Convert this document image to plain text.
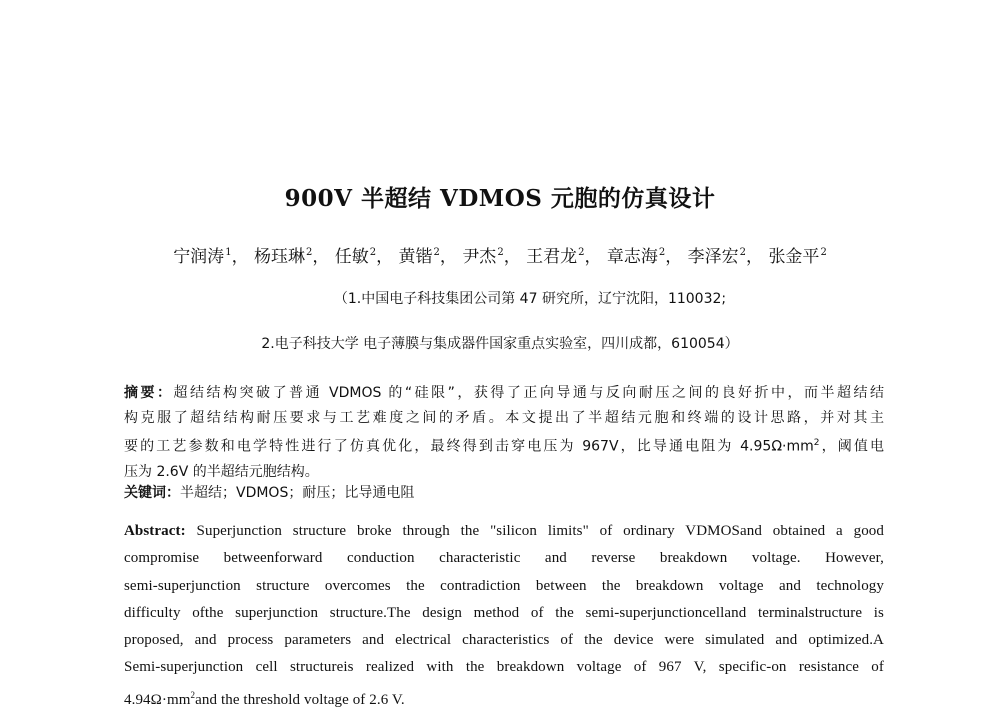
900V 半超结 VDMOS 元胞的仿真设计
宁润涛$^1$， 杨珏琳$^2$， 任敏$^2$， 黄锴$^2$， 尹杰$^2$， 王君龙$^2$， 章志海$^2$， 李泽宏$^2$， 张金平$^2$
（1.中国电子科技集团公司第 47 研究所，辽宁沈阳，110032;
2.电子科技大学 电子薄膜与集成器件国家重点实验室，四川成都，610054）
摘要：超结结构突破了普通 VDMOS 的“硅限”，获得了正向导通与反向耐压之间的良好折中，而半超结结
构克服了超结结构耐压要求与工艺难度之间的矛盾。本文提出了半超结元胞和终端的设计思路，并对其主
要的工艺参数和电学特性进行了仿真优化，最终得到击穿电压为 967V，比导通电阻为 $4.95\Omega\cdot mm^2$，阈值电
压为 2.6V 的半超结元胞结构。
关键词：半超结；VDMOS；耐压；比导通电阻
Abstract: Superjunction structure broke through the "silicon limits" of ordinary VDMOSand obtained a good
compromise betweenforward conduction characteristic and reverse breakdown voltage. However,
semi-superjunction structure overcomes the contradiction between the breakdown voltage and technology
difficulty ofthe superjunction structure.The design method of the semi-superjunctioncelland terminalstructure is
proposed, and process parameters and electrical characteristics of the device were simulated and optimized.A
Semi-superjunction cell structureis realized with the breakdown voltage of 967 V, specific-on resistance of
$4.94\Omega\cdot mm^2and$ the threshold voltage of 2.6 V.
